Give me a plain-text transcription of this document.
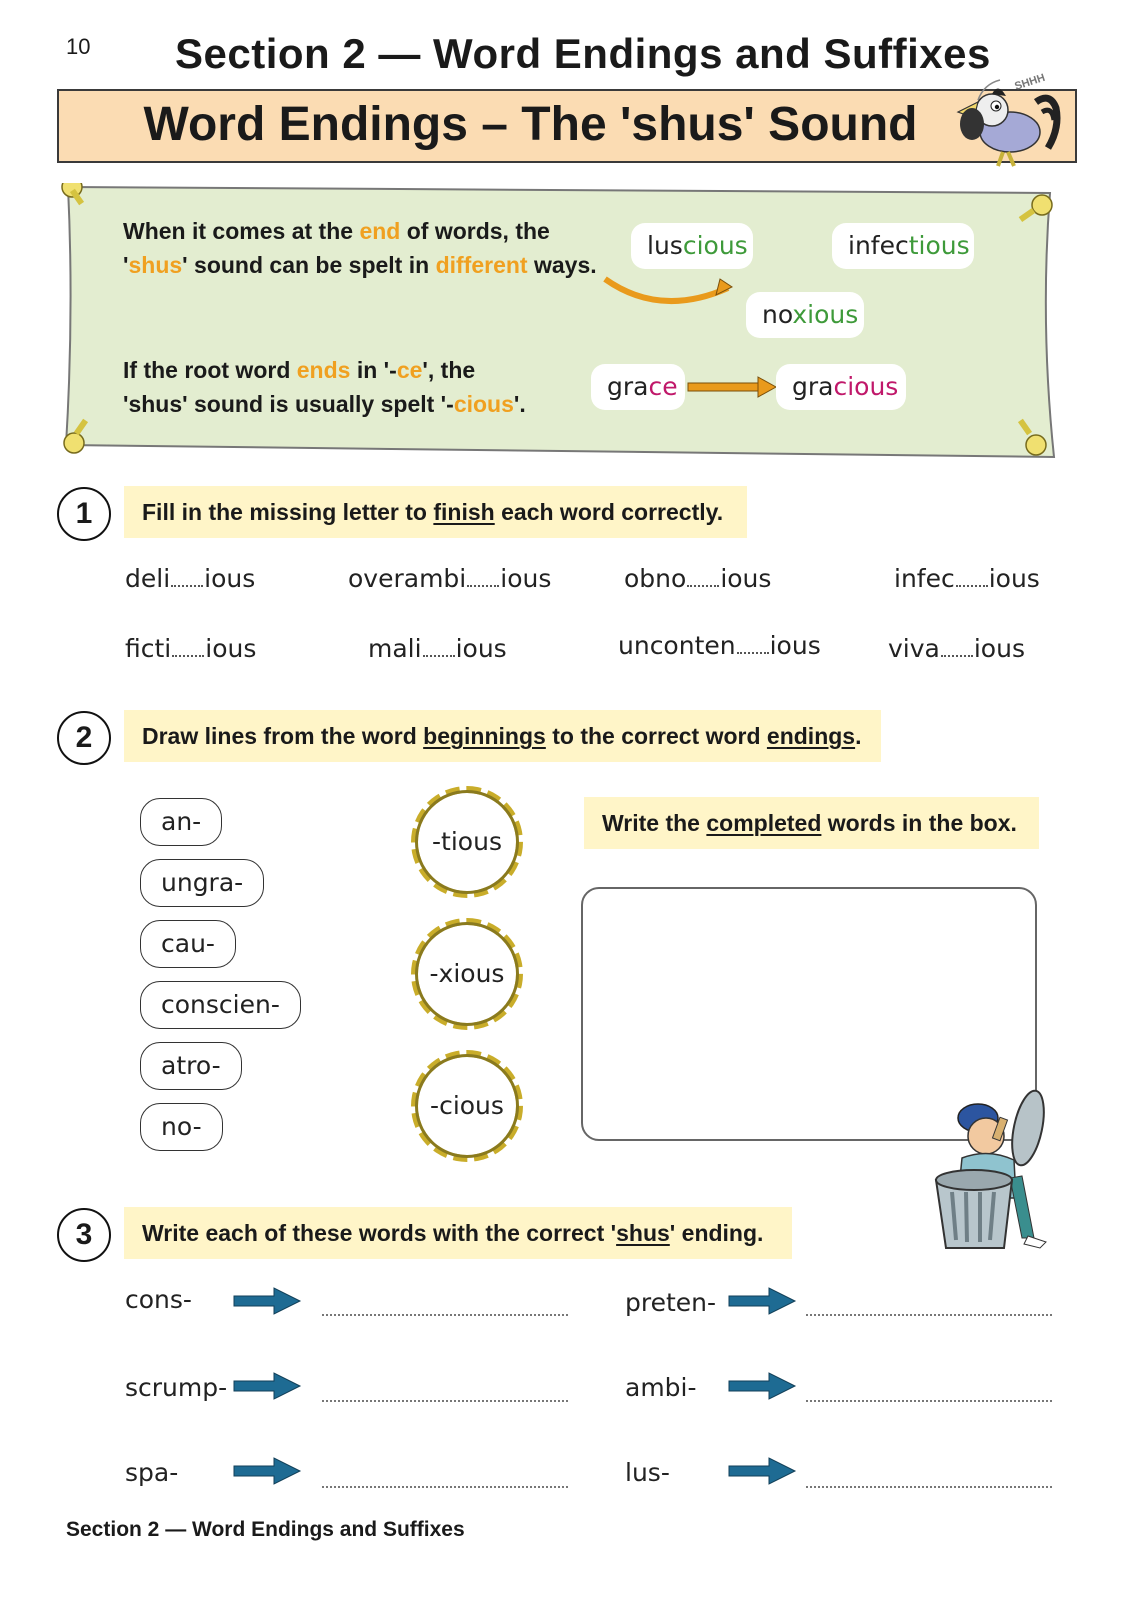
10 Section 2 — Word Endings and Suffixes
Word Endings – The 'shus' Sound
SHHH
When it comes at the end of words, the
'shus' sound can be spelt in different ways.
If the root word ends in '-ce', the
'shus' sound is usually spelt '-cious'.
luscious	infectious
noxious
grace	gracious
1	Fill in the missing letter to finish each word correctly.
deli ious	overambi ious	obno ious	infec ious
ficti ious	mali ious	unconten ious	viva ious
2	Draw lines from the word beginnings to the correct word endings.
an-
ungra-
cau-
conscien-
atro-
no-
-tious
-xious
-cious
Write the completed words in the box.
3	Write each of these words with the correct 'shus' ending.
cons-	preten-
scrump-	ambi-
spa-	lus-
Section 2 — Word Endings and Suffixes
